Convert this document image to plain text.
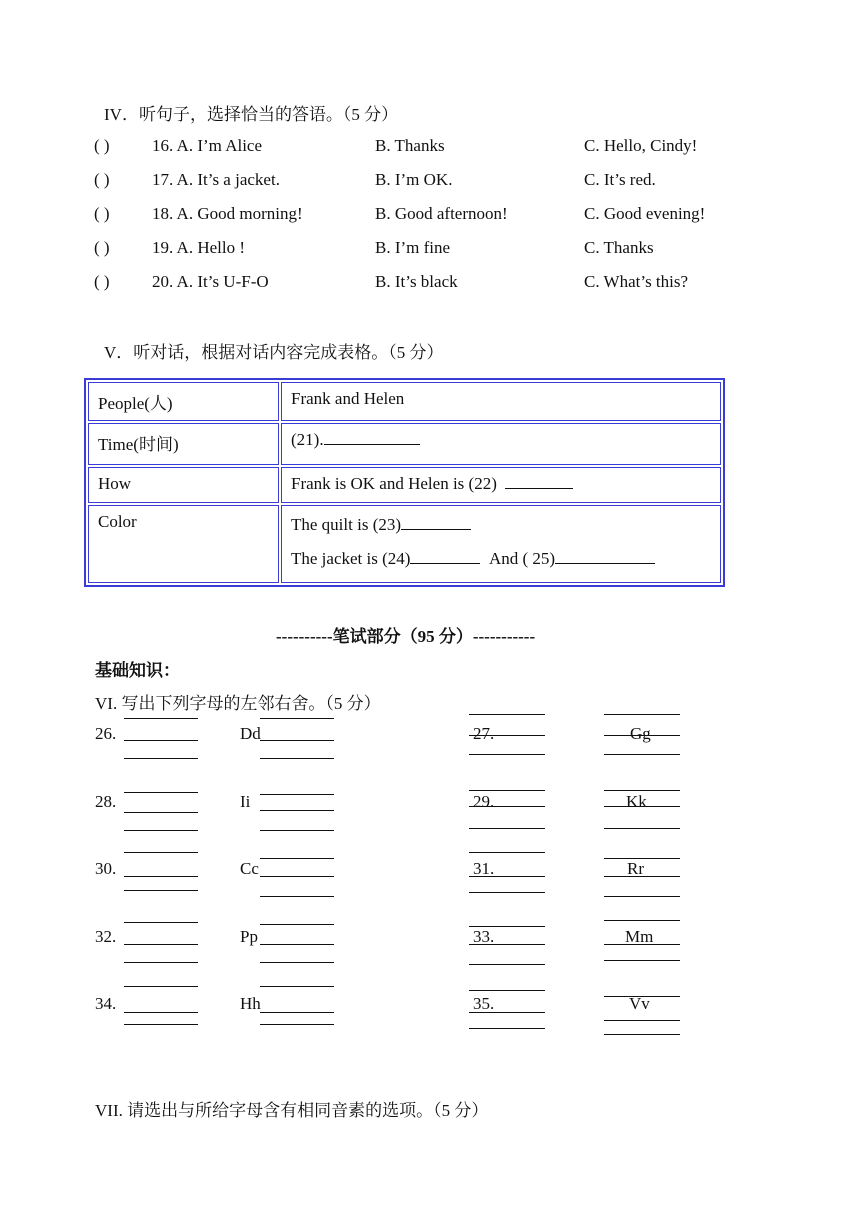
IV．听句子，选择恰当的答语。（5 分）
( ) 16. A. I’m Alice	B. Thanks	C. Hello, Cindy!
( ) 17. A. It’s a jacket.	B. I’m OK.	C. It’s red.
( ) 18. A. Good morning!	B. Good afternoon!	C. Good evening!
( ) 19. A. Hello !	B. I’m fine	C. Thanks
( ) 20. A. It’s U-F-O	B. It’s black	C. What’s this?
V．听对话，根据对话内容完成表格。（5 分）
People(人)	Frank and Helen
Time(时间)	(21).
How	Frank is OK and Helen is (22)
Color	The quilt is (23)
The jacket is (24) And ( 25)
----------笔试部分（95 分）-----------
基础知识：
VI. 写出下列字母的左邻右舍。（5 分）
26.	Dd	27.	Gg
28.	Ii	29.	Kk
30.	Cc	31.	Rr
32.	Pp	33.	Mm
34.	Hh	35.	Vv
VII. 请选出与所给字母含有相同音素的选项。（5 分）
